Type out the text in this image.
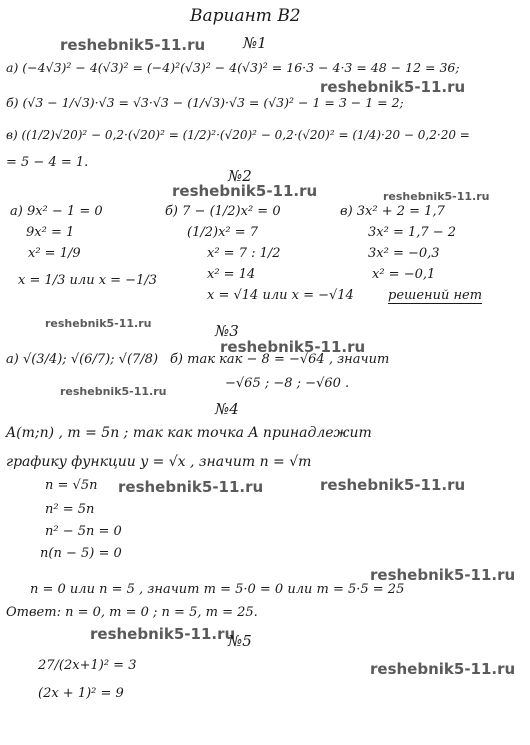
Вариант В2
№1
reshebnik5-11.ru
а) (−4√3)² − 4(√3)² = (−4)²(√3)² − 4(√3)² = 16·3 − 4·3 = 48 − 12 = 36;
reshebnik5-11.ru
б) (√3 − 1/√3)·√3 = √3·√3 − (1/√3)·√3 = (√3)² − 1 = 3 − 1 = 2;
в) ((1/2)√20)² − 0,2·(√20)² = (1/2)²·(√20)² − 0,2·(√20)² = (1/4)·20 − 0,2·20 =
= 5 − 4 = 1.
№2
reshebnik5-11.ru	reshebnik5-11.ru
а) 9x² − 1 = 0
9x² = 1
x² = 1/9
x = 1/3 или x = −1/3
б) 7 − (1/2)x² = 0
(1/2)x² = 7
x² = 7 : 1/2
x² = 14
x = √14 или x = −√14
в) 3x² + 2 = 1,7
3x² = 1,7 − 2
3x² = −0,3
x² = −0,1
решений нет
reshebnik5-11.ru	№3
reshebnik5-11.ru
а) √(3/4); √(6/7); √(7/8) б) так как − 8 = −√64 , значит
−√65 ; −8 ; −√60 .
reshebnik5-11.ru
№4
A(m;n) , m = 5n ; так как точка A принадлежит
графику функции y = √x , значит n = √m
n = √5n reshebnik5-11.ru	reshebnik5-11.ru
n² = 5n
n² − 5n = 0
n(n − 5) = 0
reshebnik5-11.ru
n = 0 или n = 5 , значит m = 5·0 = 0 или m = 5·5 = 25
Ответ: n = 0, m = 0 ; n = 5, m = 25.
reshebnik5-11.ru
№5
27/(2x+1)² = 3	reshebnik5-11.ru
(2x + 1)² = 9
